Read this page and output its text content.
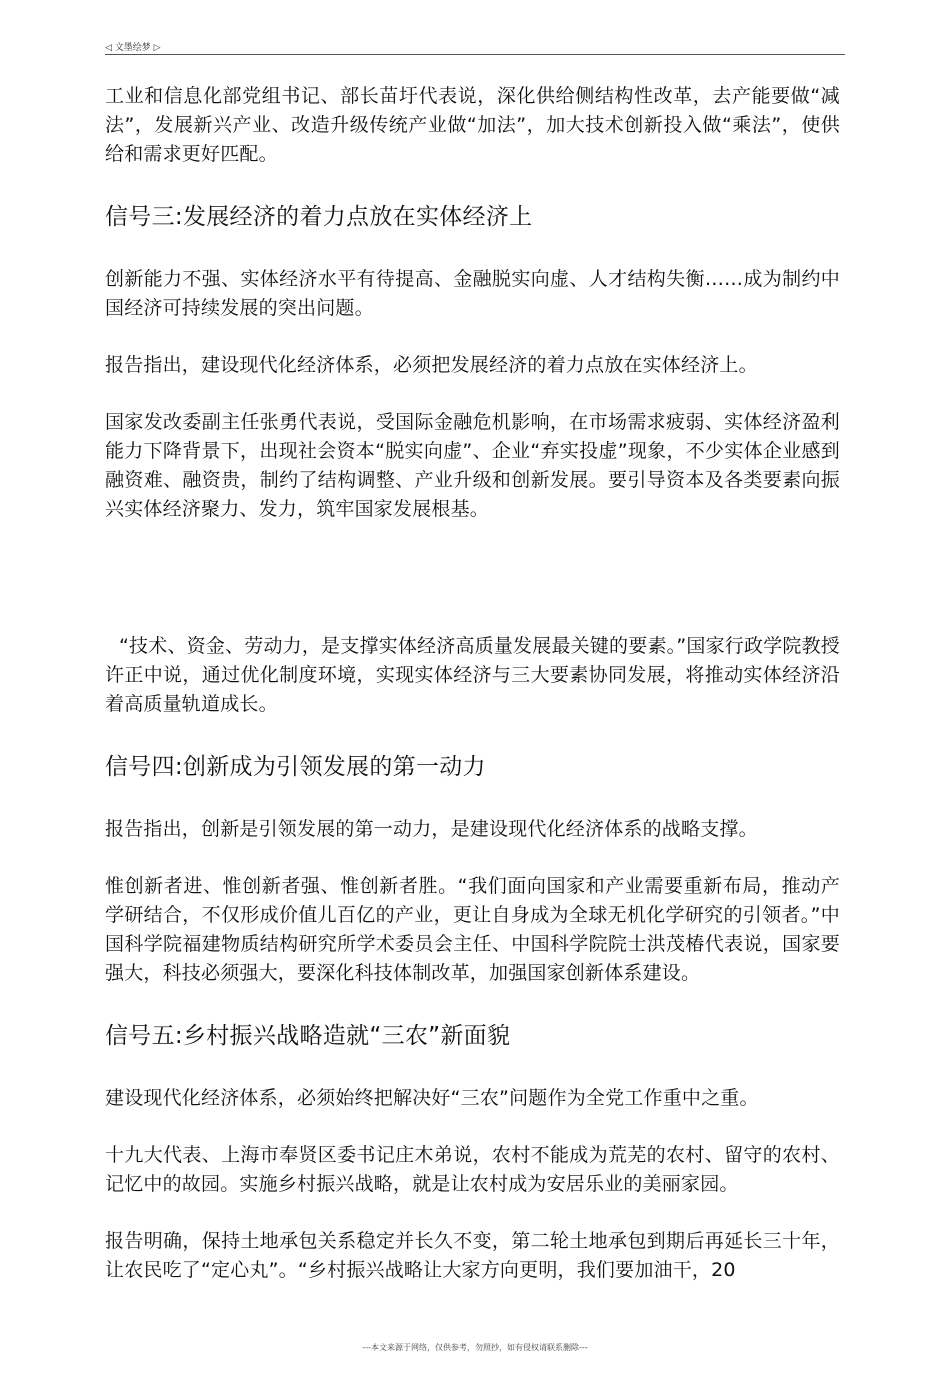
◁ 文墨绘梦 ▷

工业和信息化部党组书记、部长苗圩代表说，深化供给侧结构性改革，去产能要做“减法”，发展新兴产业、改造升级传统产业做“加法”，加大技术创新投入做“乘法”，使供给和需求更好匹配。

信号三:发展经济的着力点放在实体经济上

创新能力不强、实体经济水平有待提高、金融脱实向虚、人才结构失衡……成为制约中国经济可持续发展的突出问题。

报告指出，建设现代化经济体系，必须把发展经济的着力点放在实体经济上。

国家发改委副主任张勇代表说，受国际金融危机影响，在市场需求疲弱、实体经济盈利能力下降背景下，出现社会资本“脱实向虚”、企业“弃实投虚”现象，不少实体企业感到融资难、融资贵，制约了结构调整、产业升级和创新发展。要引导资本及各类要素向振兴实体经济聚力、发力，筑牢国家发展根基。

“技术、资金、劳动力，是支撑实体经济高质量发展最关键的要素。”国家行政学院教授许正中说，通过优化制度环境，实现实体经济与三大要素协同发展，将推动实体经济沿着高质量轨道成长。

信号四:创新成为引领发展的第一动力

报告指出，创新是引领发展的第一动力，是建设现代化经济体系的战略支撑。

惟创新者进、惟创新者强、惟创新者胜。“我们面向国家和产业需要重新布局，推动产学研结合，不仅形成价值儿百亿的产业，更让自身成为全球无机化学研究的引领者。”中国科学院福建物质结构研究所学术委员会主任、中国科学院院士洪茂椿代表说，国家要强大，科技必须强大，要深化科技体制改革，加强国家创新体系建设。

信号五:乡村振兴战略造就“三农”新面貌

建设现代化经济体系，必须始终把解决好“三农”问题作为全党工作重中之重。

十九大代表、上海市奉贤区委书记庄木弟说，农村不能成为荒芜的农村、留守的农村、记忆中的故园。实施乡村振兴战略，就是让农村成为安居乐业的美丽家园。

报告明确，保持土地承包关系稳定并长久不变，第二轮土地承包到期后再延长三十年，让农民吃了“定心丸”。“乡村振兴战略让大家方向更明，我们要加油干，20

---本文来源于网络，仅供参考，勿照抄，如有侵权请联系删除---
